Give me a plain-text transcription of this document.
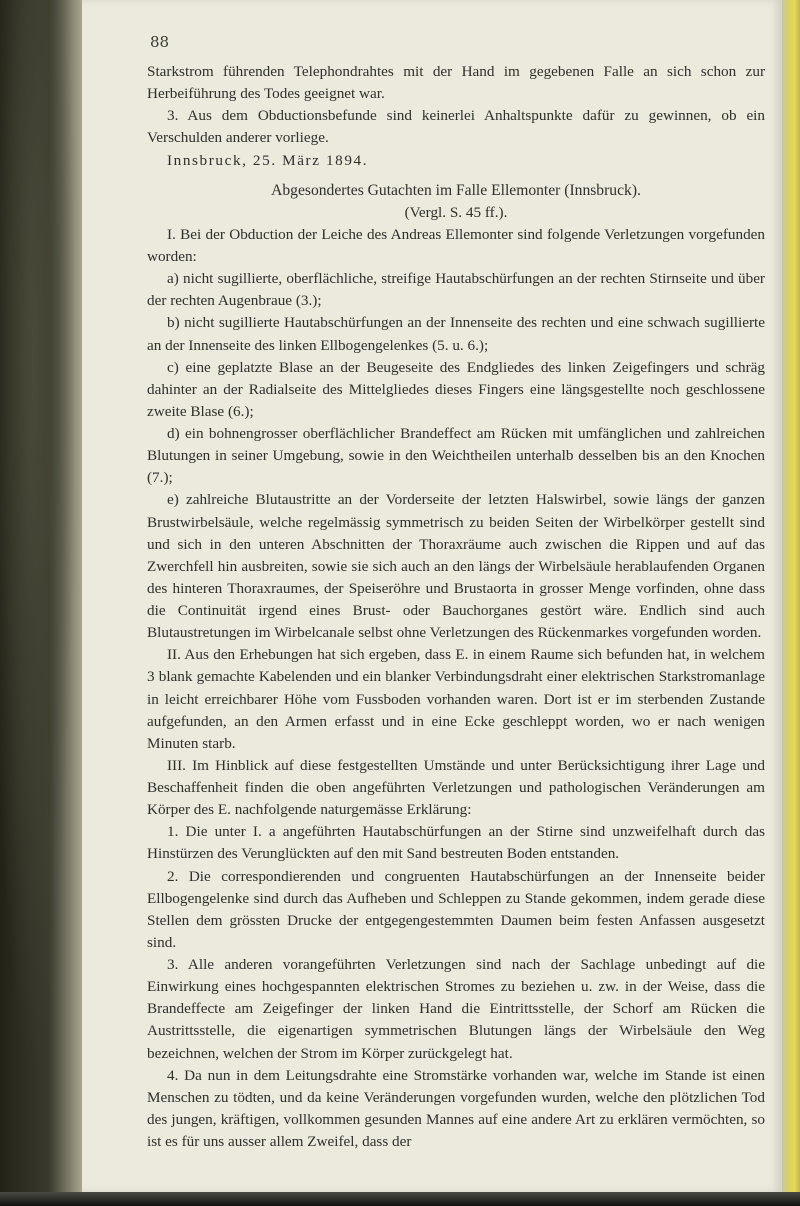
88

Starkstrom führenden Telephondrahtes mit der Hand im gegebenen Falle an sich schon zur Herbeiführung des Todes geeignet war.

3. Aus dem Obductionsbefunde sind keinerlei Anhaltspunkte dafür zu gewinnen, ob ein Verschulden anderer vorliege.

Innsbruck, 25. März 1894.

Abgesondertes Gutachten im Falle Ellemonter (Innsbruck).

(Vergl. S. 45 ff.).

I. Bei der Obduction der Leiche des Andreas Ellemonter sind folgende Verletzungen vorgefunden worden:

a) nicht sugillierte, oberflächliche, streifige Hautabschürfungen an der rechten Stirnseite und über der rechten Augenbraue (3.);

b) nicht sugillierte Hautabschürfungen an der Innenseite des rechten und eine schwach sugillierte an der Innenseite des linken Ellbogengelenkes (5. u. 6.);

c) eine geplatzte Blase an der Beugeseite des Endgliedes des linken Zeigefingers und schräg dahinter an der Radialseite des Mittelgliedes dieses Fingers eine längsgestellte noch geschlossene zweite Blase (6.);

d) ein bohnengrosser oberflächlicher Brandeffect am Rücken mit umfänglichen und zahlreichen Blutungen in seiner Umgebung, sowie in den Weichtheilen unterhalb desselben bis an den Knochen (7.);

e) zahlreiche Blutaustritte an der Vorderseite der letzten Halswirbel, sowie längs der ganzen Brustwirbelsäule, welche regelmässig symmetrisch zu beiden Seiten der Wirbelkörper gestellt sind und sich in den unteren Abschnitten der Thoraxräume auch zwischen die Rippen und auf das Zwerchfell hin ausbreiten, sowie sie sich auch an den längs der Wirbelsäule herablaufenden Organen des hinteren Thoraxraumes, der Speiseröhre und Brustaorta in grosser Menge vorfinden, ohne dass die Continuität irgend eines Brust- oder Bauchorganes gestört wäre. Endlich sind auch Blutaustretungen im Wirbelcanale selbst ohne Verletzungen des Rückenmarkes vorgefunden worden.

II. Aus den Erhebungen hat sich ergeben, dass E. in einem Raume sich befunden hat, in welchem 3 blank gemachte Kabelenden und ein blanker Verbindungsdraht einer elektrischen Starkstromanlage in leicht erreichbarer Höhe vom Fussboden vorhanden waren. Dort ist er im sterbenden Zustande aufgefunden, an den Armen erfasst und in eine Ecke geschleppt worden, wo er nach wenigen Minuten starb.

III. Im Hinblick auf diese festgestellten Umstände und unter Berücksichtigung ihrer Lage und Beschaffenheit finden die oben angeführten Verletzungen und pathologischen Veränderungen am Körper des E. nachfolgende naturgemässe Erklärung:

1. Die unter I. a angeführten Hautabschürfungen an der Stirne sind unzweifelhaft durch das Hinstürzen des Verunglückten auf den mit Sand bestreuten Boden entstanden.

2. Die correspondierenden und congruenten Hautabschürfungen an der Innenseite beider Ellbogengelenke sind durch das Aufheben und Schleppen zu Stande gekommen, indem gerade diese Stellen dem grössten Drucke der entgegengestemmten Daumen beim festen Anfassen ausgesetzt sind.

3. Alle anderen vorangeführten Verletzungen sind nach der Sachlage unbedingt auf die Einwirkung eines hochgespannten elektrischen Stromes zu beziehen u. zw. in der Weise, dass die Brandeffecte am Zeigefinger der linken Hand die Eintrittsstelle, der Schorf am Rücken die Austrittsstelle, die eigenartigen symmetrischen Blutungen längs der Wirbelsäule den Weg bezeichnen, welchen der Strom im Körper zurückgelegt hat.

4. Da nun in dem Leitungsdrahte eine Stromstärke vorhanden war, welche im Stande ist einen Menschen zu tödten, und da keine Veränderungen vorgefunden wurden, welche den plötzlichen Tod des jungen, kräftigen, vollkommen gesunden Mannes auf eine andere Art zu erklären vermöchten, so ist es für uns ausser allem Zweifel, dass der
